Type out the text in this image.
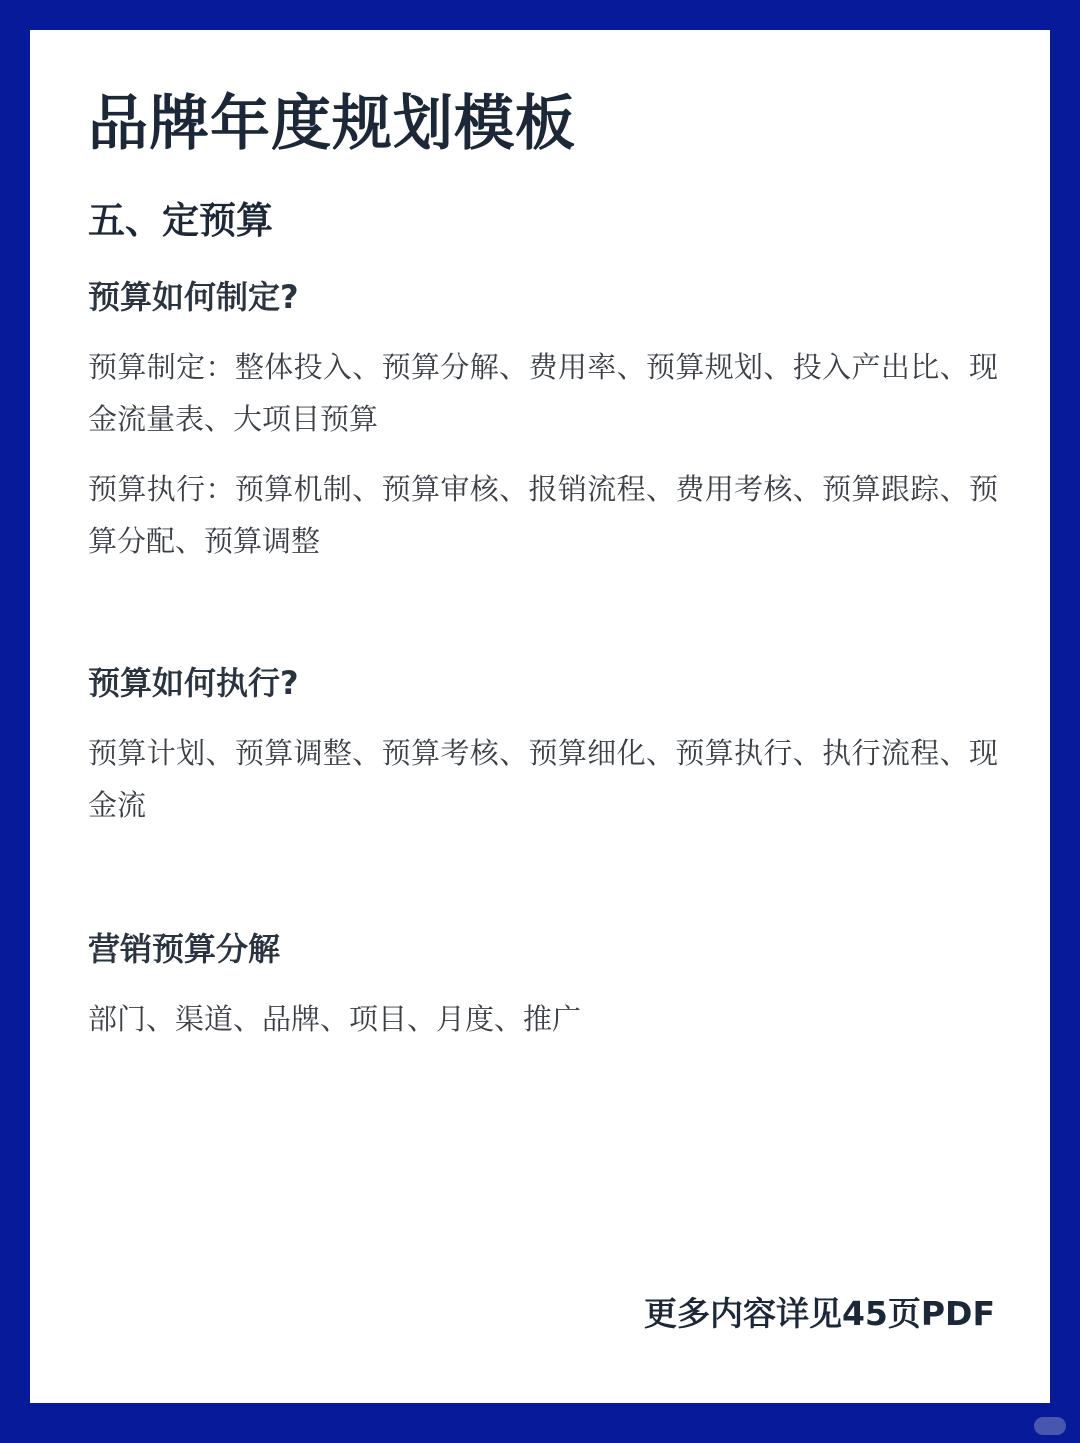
品牌年度规划模板
五、定预算
预算如何制定?

预算制定：整体投入、预算分解、费用率、预算规划、投入产出比、现金流量表、大项目预算

预算执行：预算机制、预算审核、报销流程、费用考核、预算跟踪、预算分配、预算调整

预算如何执行?

预算计划、预算调整、预算考核、预算细化、预算执行、执行流程、现金流

营销预算分解

部门、渠道、品牌、项目、月度、推广

更多内容详见45页PDF
